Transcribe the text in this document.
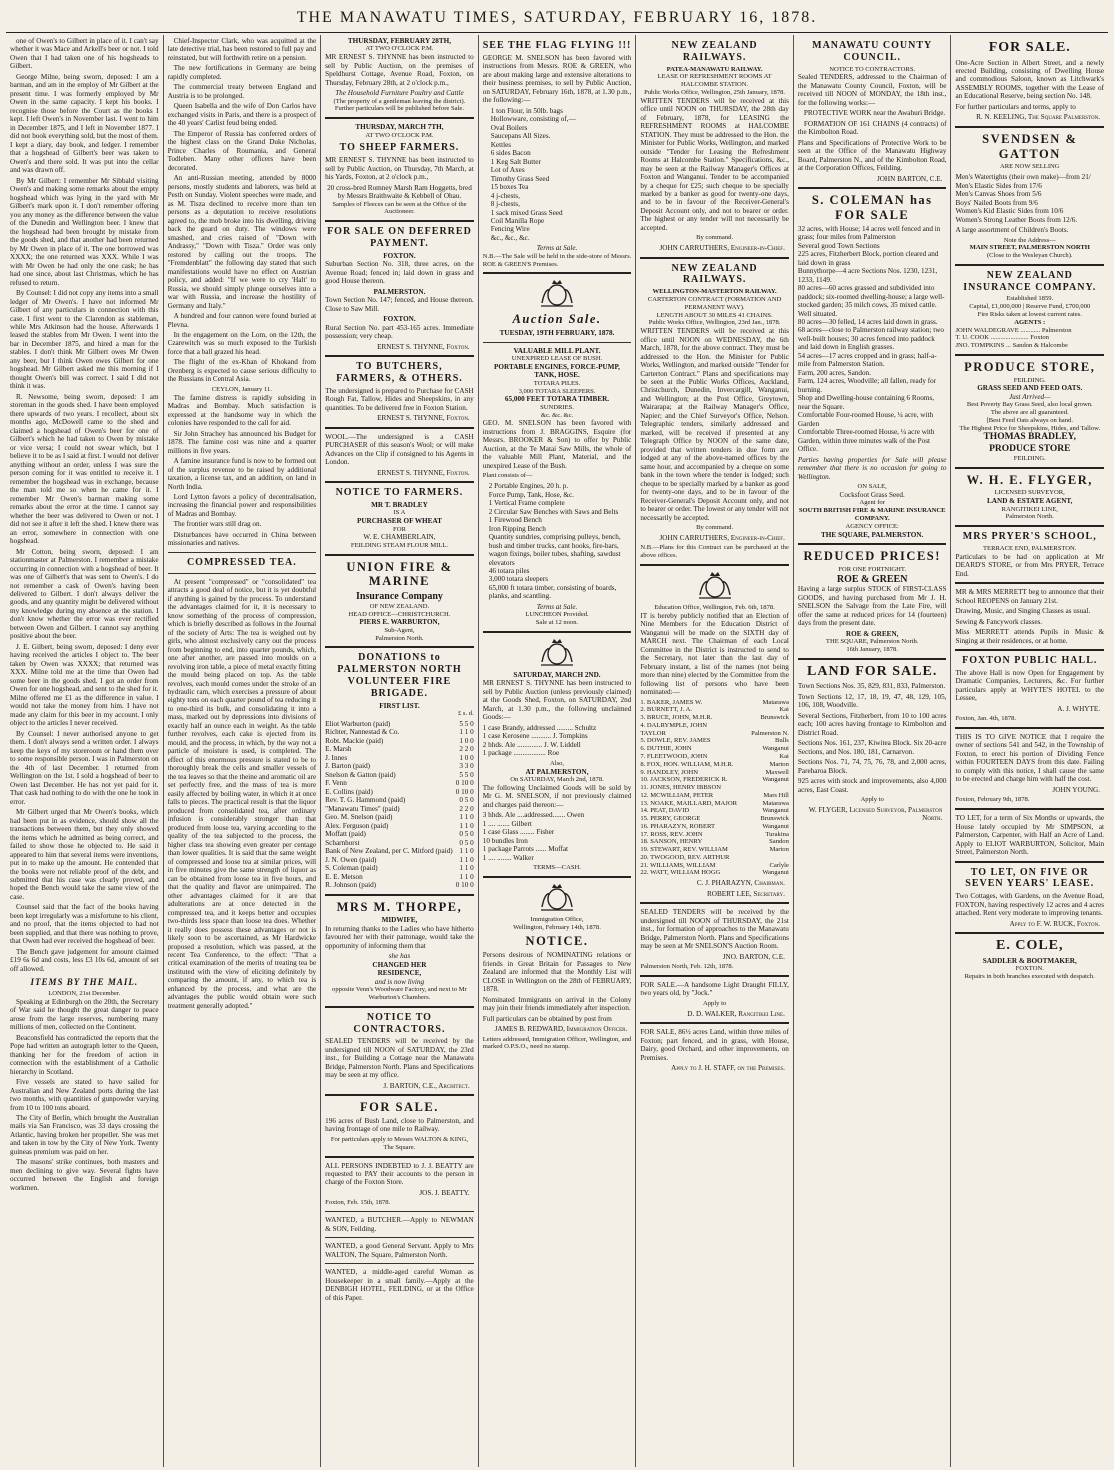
THE MANAWATU TIMES, SATURDAY, FEBRUARY 16, 1878.

one of Owen's to Gilbert in place of it. I can't say whether it was Mace and Arkell's beer or not. I told Owen that I had taken one of his hogsheads to Gilbert.

George Milne, being sworn, deposed: I am a barman, and am in the employ of Mr Gilbert at the present time. I was formerly employed by Mr Owen in the same capacity. I kept his books. I recognise those before the Court as the books I kept. I left Owen's in November last. I went to him in December 1875, and I left in November 1877. I did not book everything sold, but the most of them. I kept a diary, day book, and ledger. I remember that a hogshead of Gilbert's beer was taken to Owen's and there sold. It was put into the cellar and was drawn off.

By Mr Gilbert: I remember Mr Sibbald visiting Owen's and making some remarks about the empty hogshead which was lying in the yard with Mr Gilbert's mark upon it. I don't remember offering you any money as the difference between the value of the Dunedin and Wellington beer. I knew that the hogshead had been brought by mistake from the goods shed, and that another had been returned by Mr Owen in place of it. The one borrowed was XXXX; the one returned was XXX. While I was with Mr Owen he had only the one cask; he has had one since, about last Christmas, which he has refused to return.

By Counsel: I did not copy any items into a small ledger of Mr Owen's. I have not informed Mr Gilbert of any particulars in connection with this case. I first went to the Clarendon as stableman, while Mrs Atkinson had the house. Afterwards I leased the stables from Mr Owen. I went into the bar in December 1875, and hired a man for the stables. I don't think Mr Gilbert owes Mr Owen any beer, but I think Owen owes Gilbert for one hogshead. Mr Gilbert asked me this morning if I thought Owen's bill was correct. I said I did not think it was.

R. Newsome, being sworn, deposed: I am storeman in the goods shed. I have been employed there upwards of two years. I recollect, about six months ago, McDowell came to the shed and claimed a hogshead of Owen's beer for one of Gilbert's which he had taken to Owen by mistake or vice versa; I could not swear which, but I believe it to be as I said at first. I would not deliver anything without an order, unless I was sure the person coming for it was entitled to receive it. I remember the hogshead was in exchange, because the man told me so when he came for it. I remember Mr Owen's barman making some remarks about the error at the time. I cannot say whether the beer was delivered to Owen or not. I did not see it after it left the shed. I knew there was an error, somewhere in connection with one hogshead.

Mr Cotton, being sworn, deposed: I am stationmaster at Palmerston. I remember a mistake occurring in connection with a hogshead of beer. It was one of Gilbert's that was sent to Owen's. I do not remember a cask of Owen's having been delivered to Gilbert. I don't always deliver the goods, and any quantity might be delivered without my knowledge during my absence at the station. I don't know whether the error was ever rectified between Owen and Gilbert. I cannot say anything positive about the beer.

J. E. Gilbert, being sworn, deposed: I deny ever having received the articles I object to. The beer taken by Owen was XXXX; that returned was XXX. Milne told me at the time that Owen had some beer in the goods shed. I got an order from Owen for one hogshead, and sent to the shed for it. Milne offered me £1 as the difference in value. I would not take the money from him. I have not made any claim for this beer in my account. I only object to the articles I never received.

By Counsel: I never authorised anyone to get them. I don't always send a written order. I always keep the keys of my storeroom or hand them over to some responsible person. I was in Palmerston on the 4th of last December. I returned from Wellington on the 1st. I sold a hogshead of beer to Owen last December. He has not yet paid for it. That cask had nothing to do with the one he took in error.

Mr Gilbert urged that Mr Owen's books, which had been put in as evidence, should show all the transactions between them, but they only showed the items which he admitted as being correct, and failed to show those he objected to. He said it appeared to him that several items were inventions, put in to make up the amount. He contended that the books were not reliable proof of the debt, and submitted that his case was clearly proved, and hoped the Bench would take the same view of the case.

Counsel said that the fact of the books having been kept irregularly was a misfortune to his client, and no proof, that the items objected to had not been supplied, and that there was nothing to prove, that Owen had ever received the hogshead of beer.

The Bench gave judgement for amount claimed £19 6s 6d and costs, less £3 10s 6d, amount of set off allowed.

ITEMS BY THE MAIL.
LONDON, 21st December.

Speaking at Edinburgh on the 20th, the Secretary of War said he thought the great danger to peace arose from the large reserves, numbering many millions of men, collected on the Continent.

Beaconsfield has contradicted the reports that the Pope had written an autograph letter to the Queen, thanking her for the freedom of action in connection with the establishment of a Catholic hierarchy in Scotland.

Five vessels are stated to have sailed for Australian and New Zealand ports during the last two months, with quantities of gunpowder varying from 10 to 100 tons aboard.

The City of Berlin, which brought the Australian mails via San Francisco, was 33 days crossing the Atlantic, having broken her propeller. She was met and taken in tow by the City of New York. Twenty guineas premium was paid on her.

The masons' strike continues, both masters and men declining to give way. Several fights have occurred between the English and foreign workmen.

Chief-Inspector Clark, who was acquitted at the late detective trial, has been restored to full pay and reinstated, but will forthwith retire on a pension.

The new fortifications in Germany are being rapidly completed.

The commercial treaty between England and Austria is to be prolonged.

Queen Isabella and the wife of Don Carlos have exchanged visits in Paris, and there is a prospect of the 40 years' Carlist feud being ended.

The Emperor of Russia has conferred orders of the highest class on the Grand Duke Nicholas, Prince Charles of Roumania, and General Todleben. Many other officers have been decorated.

An anti-Russian meeting, attended by 8000 persons, mostly students and laborers, was held at Pesth on Sunday. Violent speeches were made, and as M. Tisza declined to receive more than ten persons as a deputation to receive resolutions agreed to, the mob broke into his dwelling, driving back the guard on duty. The windows were smashed, and cries raised of "Down with Andrassy," "Down with Tisza." Order was only restored by calling out the troops. The "Fremdenblatt" the following day stated that such manifestations would have no effect on Austrian policy, and added: "If we were to cry 'Halt' to Russia, we should simply plunge ourselves into a war with Russia, and increase the hostility of Germany and Italy."

A hundred and four cannon were found buried at Plevna.

In the engagement on the Lom, on the 12th, the Czarewitch was so much exposed to the Turkish force that a ball grazed his head.

The flight of the ex-Khan of Khokand from Orenberg is expected to cause serious difficulty to the Russians in Central Asia.

CEYLON, January 11.

The famine distress is rapidly subsiding in Madras and Bombay. Much satisfaction is expressed at the handsome way in which the colonies have responded to the call for aid.

Sir John Strachey has announced his Budget for 1878. The famine cost was nine and a quarter millions in five years.

A famine insurance fund is now to be formed out of the surplus revenue to be raised by additional taxation, a license tax, and an addition, on land in North India.

Lord Lytton favors a policy of decentralisation, increasing the financial power and responsibilities of Madras and Bombay.

The frontier wars still drag on.

Disturbances have occurred in China between missionaries and natives.

COMPRESSED TEA.

At present "compressed" or "consolidated" tea attracts a good deal of notice, but it is yet doubtful if anything is gained by the process. To understand the advantages claimed for it, it is necessary to know something of the process of compression, which is briefly described as follows in the Journal of the society of Arts: The tea is weighed out by girls, who almost exclusively carry out the process from beginning to end, into quarter pounds, which, one after another, are passed into moulds on a revolving iron table, a piece of metal exactly fitting the mould being placed on top. As the table revolves, each mould comes under the stroke of an hydraulic ram, which exercises a pressure of about eighty tons on each quarter pound of tea reducing it to one-third its bulk, and consolidating it into a mass, marked out by depressions into divisions of exactly half an ounce each in weight. As the table further revolves, each cake is ejected from its mould, and the process, in which, by the way not a particle of moisture is used, is completed. The effect of this enormous pressure is stated to be to thoroughly break the cells and smaller vessels of the tea leaves so that the theine and aromatic oil are set perfectly free, and the mass of tea is more easily affected by boiling water, in which it at once falls to pieces. The practical result is that the liquor produced from consolidated tea, after ordinary infusion is considerably stronger than that produced from loose tea, varying according to the quality of the tea subjected to the process, the higher class tea showing even greater per centage than lower qualities. It is said that the same weight of compressed and loose tea at similar prices, will in five minutes give the same strength of liquor as can be obtained from loose tea in five hours, and that the quality and flavor are unimpaired. The other advantages claimed for it are that adulterations are at once detected in the compressed tea, and it keeps better and occupies two-thirds less space than loose tea does. Whether it really does possess these advantages or not is likely soon to be ascertained, as Mr Hardwicke proposed a resolution, which was passed, at the recent Tea Conference, to the effect: "That a critical examination of the merits of treating tea be instituted with the view of eliciting definitely by comparing the amount, if any, to which tea is enhanced by the process, and what are the advantages the public would obtain were such treatment generally adopted."

THURSDAY, FEBRUARY 28TH,
AT TWO O'CLOCK P.M.

MR ERNEST S. THYNNE has been instructed to sell by Public Auction, on the premises of Speldhurst Cottage, Avenue Road, Foxton, on Thursday, February 28th, at 2 o'clock p.m.,

The Household Furniture Poultry and Cattle
(The property of a gentleman leaving the district).
Further particulars will be published before Sale.
THURSDAY, MARCH 7TH,
AT TWO O'CLOCK P.M.
TO SHEEP FARMERS.

MR ERNEST S. THYNNE has been instructed to sell by Public Auction, on Thursday, 7th March, at his Yards, Foxton, at 2 o'clock p.m.,

20 cross-bred Romney Marsh Ram Hoggetts, bred by Messrs Braithwaite & Kebbell of Ohau.
Samples of Fleeces can be seen at the Office of the Auctioneer.
FOR SALE ON DEFERRED PAYMENT.
FOXTON.

Suburban Section No. 318, three acres, on the Avenue Road; fenced in; laid down in grass and good House thereon.

PALMERSTON.

Town Section No. 147; fenced, and House thereon. Close to Saw Mill.

FOXTON.

Rural Section No. part 453-165 acres. Immediate possession; very cheap.

ERNEST S. THYNNE, Foxton.
TO BUTCHERS, FARMERS, & OTHERS.

The undersigned is prepared to Purchase for CASH Rough Fat, Tallow, Hides and Sheepskins, in any quantities. To be delivered free in Foxton Station.

ERNEST S. THYNNE, Foxton.

WOOL.—The undersigned is a CASH PURCHASER of this season's Wool; or will make Advances on the Clip if consigned to his Agents in London.

ERNEST S. THYNNE, Foxton.
NOTICE TO FARMERS.
MR T. BRADLEY
IS A
PURCHASER OF WHEAT
FOR
W. E. CHAMBERLAIN,
FEILDING STEAM FLOUR MILL.
UNION FIRE & MARINE
Insurance Company
OF NEW ZEALAND.
HEAD OFFICE—CHRISTCHURCH.
PIERS E. WARBURTON,
Sub-Agent,
Palmerston North.
DONATIONS to PALMERSTON NORTH VOLUNTEER FIRE BRIGADE.
FIRST LIST.
£ s. d.
Eliot Warburton (paid)	5 5 0
Richter, Nannestad & Co.	1 1 0
Robt. Mackie (paid)	1 0 0
E. Marsh	2 2 0
J. Innes	1 0 0
J. Barton (paid)	3 3 0
Snelson & Gatton (paid)	5 5 0
F. Venn	0 10 0
E. Collins (paid)	0 10 0
Rev. T. G. Hammond (paid)	0 5 0
"Manawatu Times" (paid)	2 2 0
Geo. M. Snelson (paid)	1 1 0
Alex. Ferguson (paid)	1 1 0
Moffatt (paid)	0 5 0
Scharnhorst	0 5 0
Bank of New Zealand, per C. Mitford (paid) 1 1 0
J. N. Owen (paid)	1 1 0
S. Coleman (paid)	1 1 0
E. E. Metson	1 1 0
R. Johnson (paid)	0 10 0
MRS M. THORPE,
MIDWIFE,

In returning thanks to the Ladies who have hitherto favoured her with their patronage, would take the opportunity of informing them that

she has
CHANGED HER
RESIDENCE,
and is now living
opposite Venn's Woodware Factory, and next to Mr Warburton's Chambers.
NOTICE TO CONTRACTORS.

SEALED TENDERS will be received by the undersigned till NOON of SATURDAY, the 23rd inst., for Building a Cottage near the Manawatu Bridge, Palmerston North. Plans and Specifications may be seen at my office.

J. BARTON, C.E., Architect.
FOR SALE.

196 acres of Bush Land, close to Palmerston, and having frontage of one mile to Railway.

For particulars apply to Messrs WALTON & KING, The Square.

ALL PERSONS INDEBTED to J. J. BEATTY are requested to PAY their accounts to the person in charge of the Foxton Store.

JOS. J. BEATTY.
Foxton, Feb. 15th, 1878.

WANTED, a BUTCHER.—Apply to NEWMAN & SON, Feilding.

WANTED, a good General Servant. Apply to Mrs WALTON, The Square, Palmerston North.

WANTED, a middle-aged careful Woman as Housekeeper in a small family.—Apply at the DENBIGH HOTEL, FEILDING, or at the Office of this Paper.

SEE THE FLAG FLYING !!!

GEORGE M. SNELSON has been favored with instructions from Messrs. ROE & GREEN, who are about making large and extensive alterations to their business premises, to sell by Public Auction, on SATURDAY, February 16th, 1878, at 1.30 p.m., the following:—

1 ton Flour, in 50lb. bags
Hollowware, consisting of,—
Oval Boilers
Saucepans All Sizes.
Kettles
6 sides Bacon
1 Keg Salt Butter
Lot of Axes
Timothy Grass Seed
15 boxes Tea
4 j-chests,
8 j-chests,
1 sack mixed Grass Seed
Coil Manilla Rope
Fencing Wire
&c., &c., &c.
Terms at Sale.

N.B.—The Sale will be held in the side-store of Messrs. ROE & GREEN'S Premises.

Auction Sale.
TUESDAY, 19TH FEBRUARY, 1878.
VALUABLE MILL PLANT.
UNEXPIRED LEASE OF BUSH.
PORTABLE ENGINES, FORCE-PUMP, TANK, HOSE.
TOTARA PILES.
3,000 TOTARA SLEEPERS.
65,000 FEET TOTARA TIMBER.
SUNDRIES.
&c. &c. &c.

GEO. M. SNELSON has been favored with instructions from J. BRAGGINS, Esquire (for Messrs. BROOKER & Son) to offer by Public Auction, at the Te Matai Saw Mills, the whole of the valuable Mill Plant, Material, and the unexpired Lease of the Bush.

Plant consists of—
2 Portable Engines, 20 h. p.
Force Pump, Tank, Hose, &c.
1 Vertical Frame complete
2 Circular Saw Benches with Saws and Belts
1 Firewood Bench
Iron Ripping Bench
Quantity sundries, comprising pulleys, bench, bush and timber trucks, cant hooks, fire-bars, wagon fixings, boiler tubes, shafting, sawdust elevators
46 totara piles
3,000 totara sleepers
65,000 ft totara timber, consisting of boards, planks, and scantling.
Terms at Sale.
LUNCHEON Provided.
Sale at 12 noon.
SATURDAY, MARCH 2ND.

MR ERNEST S. THYNNE has been instructed to sell by Public Auction (unless previously claimed) at the Goods Shed, Foxton, on SATURDAY, 2nd March, at 1.30 p.m., the following unclaimed Goods:—

1 case Brandy, addressed ......... Schultz
1 case Kerosene ........... J. Tompkins
2 hhds. Ale .............. J. W. Liddell
1 package .................. Roe
Also,
AT PALMERSTON,
On SATURDAY, March 2nd, 1878.

The following Unclaimed Goods will be sold by Mr G. M. SNELSON, if not previously claimed and charges paid thereon:—

3 hhds. Ale ....addressed....... Owen
1 .... ....... Gilbert
1 case Glass ........ Fisher
10 bundles Iron
1 package Parrots ...... Moffat
1 .... ........ Walker
TERMS—CASH.
Immigration Office,
Wellington, February 14th, 1878.
NOTICE.

Persons desirous of NOMINATING relations or friends in Great Britain for Passages to New Zealand are informed that the Monthly List will CLOSE in Wellington on the 28th of FEBRUARY, 1878.

Nominated Immigrants on arrival in the Colony may join their friends immediately after inspection.

Full particulars can be obtained by post from

JAMES B. REDWARD, Immigration Officer.

Letters addressed, Immigration Officer, Wellington, and marked O.P.S.O., need no stamp.

NEW ZEALAND RAILWAYS.
PATEA-MANAWATU RAILWAY.
LEASE OF REFRESHMENT ROOMS AT HALCOMBE STATION.
Public Works Office, Wellington, 25th January, 1878.

WRITTEN TENDERS will be received at this office until NOON on THURSDAY, the 28th day of February, 1878, for LEASING the REFRESHMENT ROOMS at HALCOMBE STATION. They must be addressed to the Hon. the Minister for Public Works, Wellington, and marked outside "Tender for Leasing the Refreshment Rooms at Halcombe Station." Specifications, &c., may be seen at the Railway Manager's Offices at Foxton and Wanganui. Tender to be accompanied by a cheque for £25; such cheque to be specially marked by a banker as good for twenty-one days, and to be in favour of the Receiver-General's Deposit Account only, and not to bearer or order. The highest or any tender will not necessarily be accepted.

By command.
JOHN CARRUTHERS, Engineer-in-Chief.
NEW ZEALAND RAILWAYS.
WELLINGTON-MASTERTON RAILWAY.
CARTERTON CONTRACT (FORMATION AND PERMANENT WAY).
LENGTH ABOUT 30 MILES 41 CHAINS.
Public Works Office, Wellington, 23rd Jan., 1878.

WRITTEN TENDERS will be received at this office until NOON on WEDNESDAY, the 6th March, 1878, for the above contract. They must be addressed to the Hon. the Minister for Public Works, Wellington, and marked outside "Tender for Carterton Contract." Plans and specifications may be seen at the Public Works Offices, Auckland, Christchurch, Dunedin, Invercargill, Wanganui, and Wellington; at the Post Office, Greytown, Wairarapa; at the Railway Manager's Office, Napier; and the Chief Surveyor's Office, Nelson. Telegraphic tenders, similarly addressed and marked, will be received if presented at any Telegraph Office by NOON of the same date, provided that written tenders in due form are lodged at any of the above-named offices by the same hour, and accompanied by a cheque on some bank in the town where the tender is lodged; such cheque to be specially marked by a banker as good for twenty-one days, and to be in favour of the Receiver-General's Deposit Account only, and not to bearer or order. The lowest or any tender will not necessarily be accepted.

By command.
JOHN CARRUTHERS, Engineer-in-Chief.

N.B.—Plans for this Contract can be purchased at the above offices.

Education Office, Wellington, Feb. 6th, 1878.

IT is hereby publicly notified that an Election of Nine Members for the Education District of Wanganui will be made on the SIXTH day of MARCH next. The Chairman of each Local Committee in the District is instructed to send to the Secretary, not later than the last day of February instant, a list of the names (not being more than nine) elected by the Committee from the following list of persons who have been nominated:—

1. BAKER, JAMES W.	Matarawa
2. BURNETT, J. A.	Kai
3. BRUCE, JOHN, M.H.R.	Brunswick
4. DALRYMPLE, JOHN
TAYLOR	Palmerston N.
5. DOWLE, REV. JAMES	Bulls
6. DUTHIE, JOHN	Wanganui
7. FLEETWOOD, JOHN	Kai
8. FOX, HON. WILLIAM, M.H.R.	Marton
9. HANDLEY, JOHN	Maxwell
10. JACKSON, FREDERICK R.	Wanganui
11. JONES, HENRY IBBSON
12. MCWILLIAM, PETER	Mars Hill
13. NOAKE, MAILLARD, MAJOR	Matarawa
14. PEAT, DAVID	Wanganui
15. PERRY, GEORGE	Brunswick
16. PHARAZYN, ROBERT	Wanganui
17. ROSS, REV. JOHN	Turakina
18. SANSON, HENRY	Sandon
19. STEWART, REV. WILLIAM	Marton
20. TWOGOOD, REV. ARTHUR
21. WILLIAMS, WILLIAM	Carlyle
22. WATT, WILLIAM HOGG	Wanganui
C. J. PHARAZYN, Chairman.
ROBERT LEE, Secretary.

SEALED TENDERS will be received by the undersigned till NOON of THURSDAY, the 21st inst., for formation of approaches to the Manawatu Bridge, Palmerston North. Plans and Specifications may be seen at Mr SNELSON'S Auction Room.

JNO. BARTON, C.E.
Palmerston North, Feb. 12th, 1878.

FOR SALE.—A handsome Light Draught FILLY, two years old, by "Jock."

Apply to
D. D. WALKER, Rangitikei Line.

FOR SALE, 86½ acres Land, within three miles of Foxton; part fenced, and in grass, with House, Dairy, good Orchard, and other improvements, on Premises.

Apply to J. H. STAFF, on the Premises.
MANAWATU COUNTY COUNCIL.
NOTICE TO CONTRACTORS.

Sealed TENDERS, addressed to the Chairman of the Manawatu County Council, Foxton, will be received till NOON of MONDAY, the 18th inst., for the following works:—

PROTECTIVE WORK near the Awahuri Bridge.

FORMATION OF 161 CHAINS (4 contracts) of the Kimbolton Road.

Plans and Specifications of Protective Work to be seen at the Office of the Manawatu Highway Board, Palmerston N., and of the Kimbolton Road, at the Corporation Offices, Feilding.

JOHN BARTON, C.E.
S. COLEMAN has FOR SALE
32 acres, with House; 14 acres well fenced and in grass; four miles from Palmerston
Several good Town Sections
225 acres, Fitzherbert Block, portion cleared and laid down in grass
Bunnythorpe—4 acre Sections Nos. 1230, 1231, 1233, 1149.
80 acres—60 acres grassed and subdivided into paddock; six-roomed dwelling-house; a large well-stocked garden; 35 milch cows, 35 mixed cattle. Well situated.
80 acres—30 felled, 14 acres laid down in grass.
68 acres—close to Palmerston railway station; two well-built houses; 30 acres fenced into paddock and laid down in English grasses.
54 acres—17 acres cropped and in grass; half-a-mile from Palmerston Station.
Farm, 200 acres, Sandon.
Farm, 124 acres, Woodville; all fallen, ready for burning.
Shop and Dwelling-house containing 6 Rooms, near the Square.
Comfortable Four-roomed House, ¼ acre, with Garden
Comfortable Three-roomed House, ¼ acre with Garden, within three minutes walk of the Post Office.

Parties having properties for Sale will please remember that there is no occasion for going to Wellington.

ON SALE,
Cocksfoot Grass Seed.
Agent for
SOUTH BRITISH FIRE & MARINE INSURANCE COMPANY.
AGENCY OFFICE:
THE SQUARE, PALMERSTON.
REDUCED PRICES!
FOR ONE FORTNIGHT.
ROE & GREEN

Having a large surplus STOCK of FIRST-CLASS GOODS, and having purchased from Mr J. H. SNELSON the Salvage from the Late Fire, will offer the same at reduced prices for 14 (fourteen) days from the present date.

ROE & GREEN,
THE SQUARE, Palmerston North.
16th January, 1878.
LAND FOR SALE.

Town Sections Nos. 35, 829, 831, 833, Palmerston.

Town Sections 12, 17, 18, 19, 47, 48, 129, 105, 106, 108, Woodville.

Several Sections, Fitzherbert, from 10 to 100 acres each; 100 acres having frontage to Kimbolton and District Road.

Sections Nos. 161, 237, Kiwitea Block. Six 20-acre Sections, and Nos. 180, 181, Carnarvon.

Sections Nos. 71, 74, 75, 76, 78, and 2,000 acres, Pareharoa Block.

925 acres with stock and improvements, also 4,000 acres, East Coast.

Apply to
W. FLYGER, Licensed Surveyor, Palmerston North.
FOR SALE.

One-Acre Section in Albert Street, and a newly erected Building, consisting of Dwelling House and commodious Saloon, known as Litchwark's ASSEMBLY ROOMS, together with the Lease of an Educational Reserve, being section No. 148.

For further particulars and terms, apply to

R. N. KEELING, The Square Palmerston.
SVENDSEN & GATTON
ARE NOW SELLING
Men's Watertights (their own make)—from 21/
Men's Elastic Sides from 17/6
Men's Canvas Shoes from 5/6
Boys' Nailed Boots from 9/6
Women's Kid Elastic Sides from 10/6
Women's Strong Leather Boots from 12/6.

A large assortment of Children's Boots.

Note the Address—
MAIN STREET, PALMERSTON NORTH
(Close to the Wesleyan Church).
NEW ZEALAND INSURANCE COMPANY.
Established 1859.
Capital, £1,000,000 | Reserve Fund, £700,000
Fire Risks taken at lowest current rates.
AGENTS :
JOHN WALDEGRAVE ............ Palmerston
T. U. COOK ....................... Foxton
JNO. TOMPKINS ... Sandon & Halcombe
PRODUCE STORE,
FEILDING.
GRASS SEED AND FEED OATS.
Just Arrived—
Best Poverty Bay Grass Seed, also local grown.
The above are all guaranteed.
[Best Feed Oats always on hand.
The Highest Price for Sheepskins, Hides, and Tallow.
THOMAS BRADLEY,
PRODUCE STORE
FEILDING.
W. H. E. FLYGER,
LICENSED SURVEYOR,
LAND & ESTATE AGENT,
RANGITIKEI LINE,
Palmerston North.
MRS PRYER'S SCHOOL,
TERRACE END, PALMERSTON.

Particulars to be had on application at Mr DEARD'S STORE, or from Mrs PRYER, Terrace End.

MR & MRS MERRETT beg to announce that their School REOPENS on January 21st.

Drawing, Music, and Singing Classes as usual.

Sewing & Fancywork classes.

Miss MERRETT attends Pupils in Music & Singing at their residences, or at home.

FOXTON PUBLIC HALL.

The above Hall is now Open for Engagement by Dramatic Companies, Lecturers, &c. For further particulars apply at WHYTE'S HOTEL to the Lessee,

A. J. WHYTE.
Foxton, Jan. 4th, 1878.

THIS IS TO GIVE NOTICE that I require the owner of sections 541 and 542, in the Township of Foxton, to erect his portion of Dividing Fence within FOURTEEN DAYS from this date. Failing to comply with this notice, I shall cause the same to be erected and charge him with half the cost.

JOHN YOUNG.
Foxton, February 9th, 1878.

TO LET, for a term of Six Months or upwards, the House lately occupied by Mr SIMPSON, at Palmerston, Carpenter, with Half an Acre of Land. Apply to ELIOT WARBURTON, Solicitor, Main Street, Palmerston North.

TO LET, ON FIVE OR SEVEN YEARS' LEASE.

Two Cottages, with Gardens, on the Avenue Road, FOXTON, having respectively 12 acres and 4 acres attached. Rent very moderate to improving tenants.

Apply to F. W. RUCK, Foxton.
E. COLE,
SADDLER & BOOTMAKER,
FOXTON.
Repairs in both branches executed with despatch.
